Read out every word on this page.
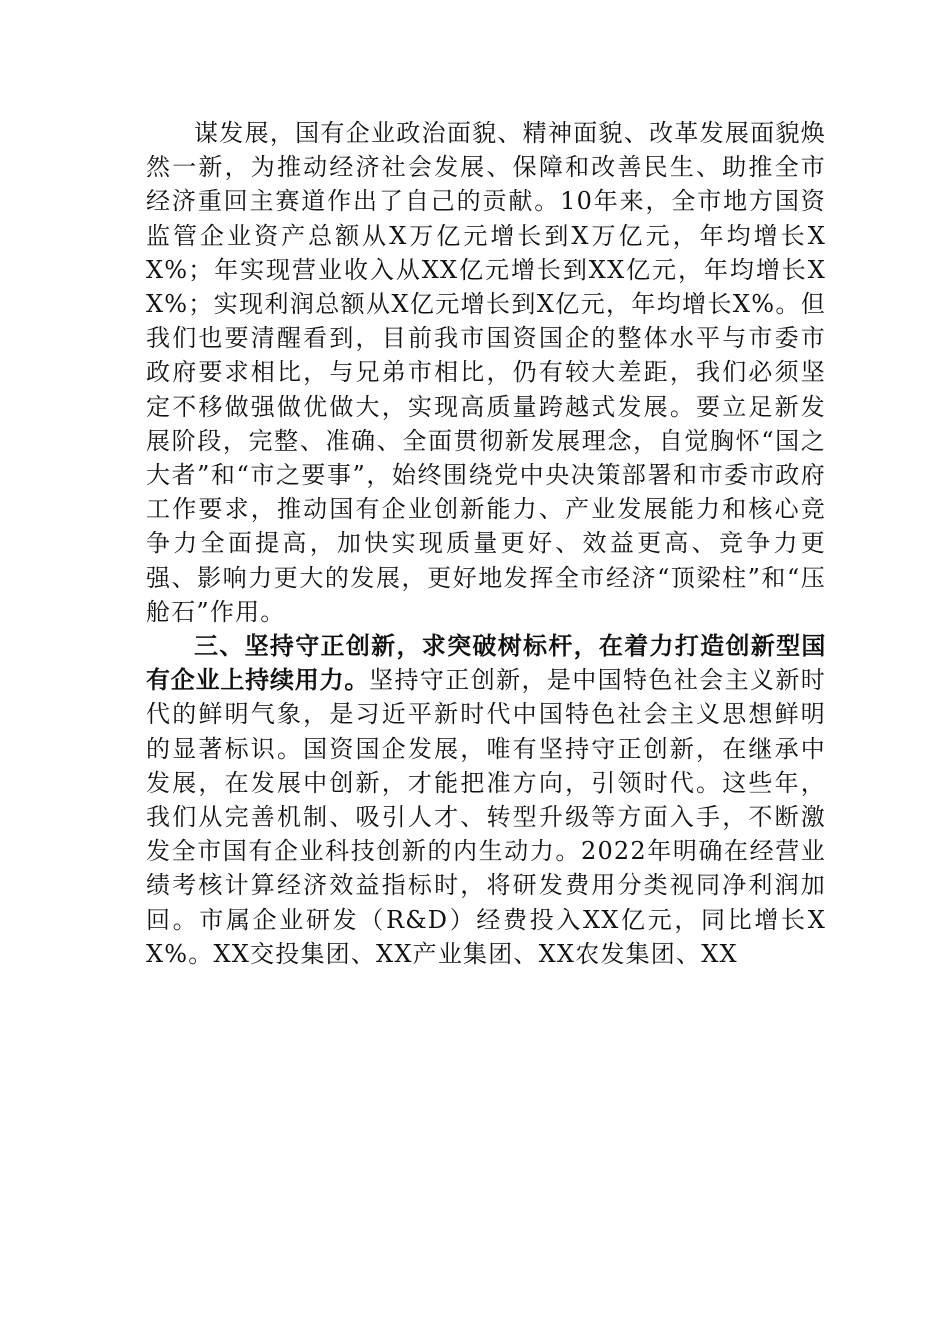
谋发展，国有企业政治面貌、精神面貌、改革发展面貌焕然一新，为推动经济社会发展、保障和改善民生、助推全市经济重回主赛道作出了自己的贡献。10年来，全市地方国资监管企业资产总额从X万亿元增长到X万亿元，年均增长XX%；年实现营业收入从XX亿元增长到XX亿元，年均增长XX%；实现利润总额从X亿元增长到X亿元，年均增长X%。但我们也要清醒看到，目前我市国资国企的整体水平与市委市政府要求相比，与兄弟市相比，仍有较大差距，我们必须坚定不移做强做优做大，实现高质量跨越式发展。要立足新发展阶段，完整、准确、全面贯彻新发展理念，自觉胸怀“国之大者”和“市之要事”，始终围绕党中央决策部署和市委市政府工作要求，推动国有企业创新能力、产业发展能力和核心竞争力全面提高，加快实现质量更好、效益更高、竞争力更强、影响力更大的发展，更好地发挥全市经济“顶梁柱”和“压舱石”作用。

三、坚持守正创新，求突破树标杆，在着力打造创新型国有企业上持续用力。坚持守正创新，是中国特色社会主义新时代的鲜明气象，是习近平新时代中国特色社会主义思想鲜明的显著标识。国资国企发展，唯有坚持守正创新，在继承中发展，在发展中创新，才能把准方向，引领时代。这些年，我们从完善机制、吸引人才、转型升级等方面入手，不断激发全市国有企业科技创新的内生动力。2022年明确在经营业绩考核计算经济效益指标时，将研发费用分类视同净利润加回。市属企业研发（R&D）经费投入XX亿元，同比增长XX%。XX交投集团、XX产业集团、XX农发集团、XX
